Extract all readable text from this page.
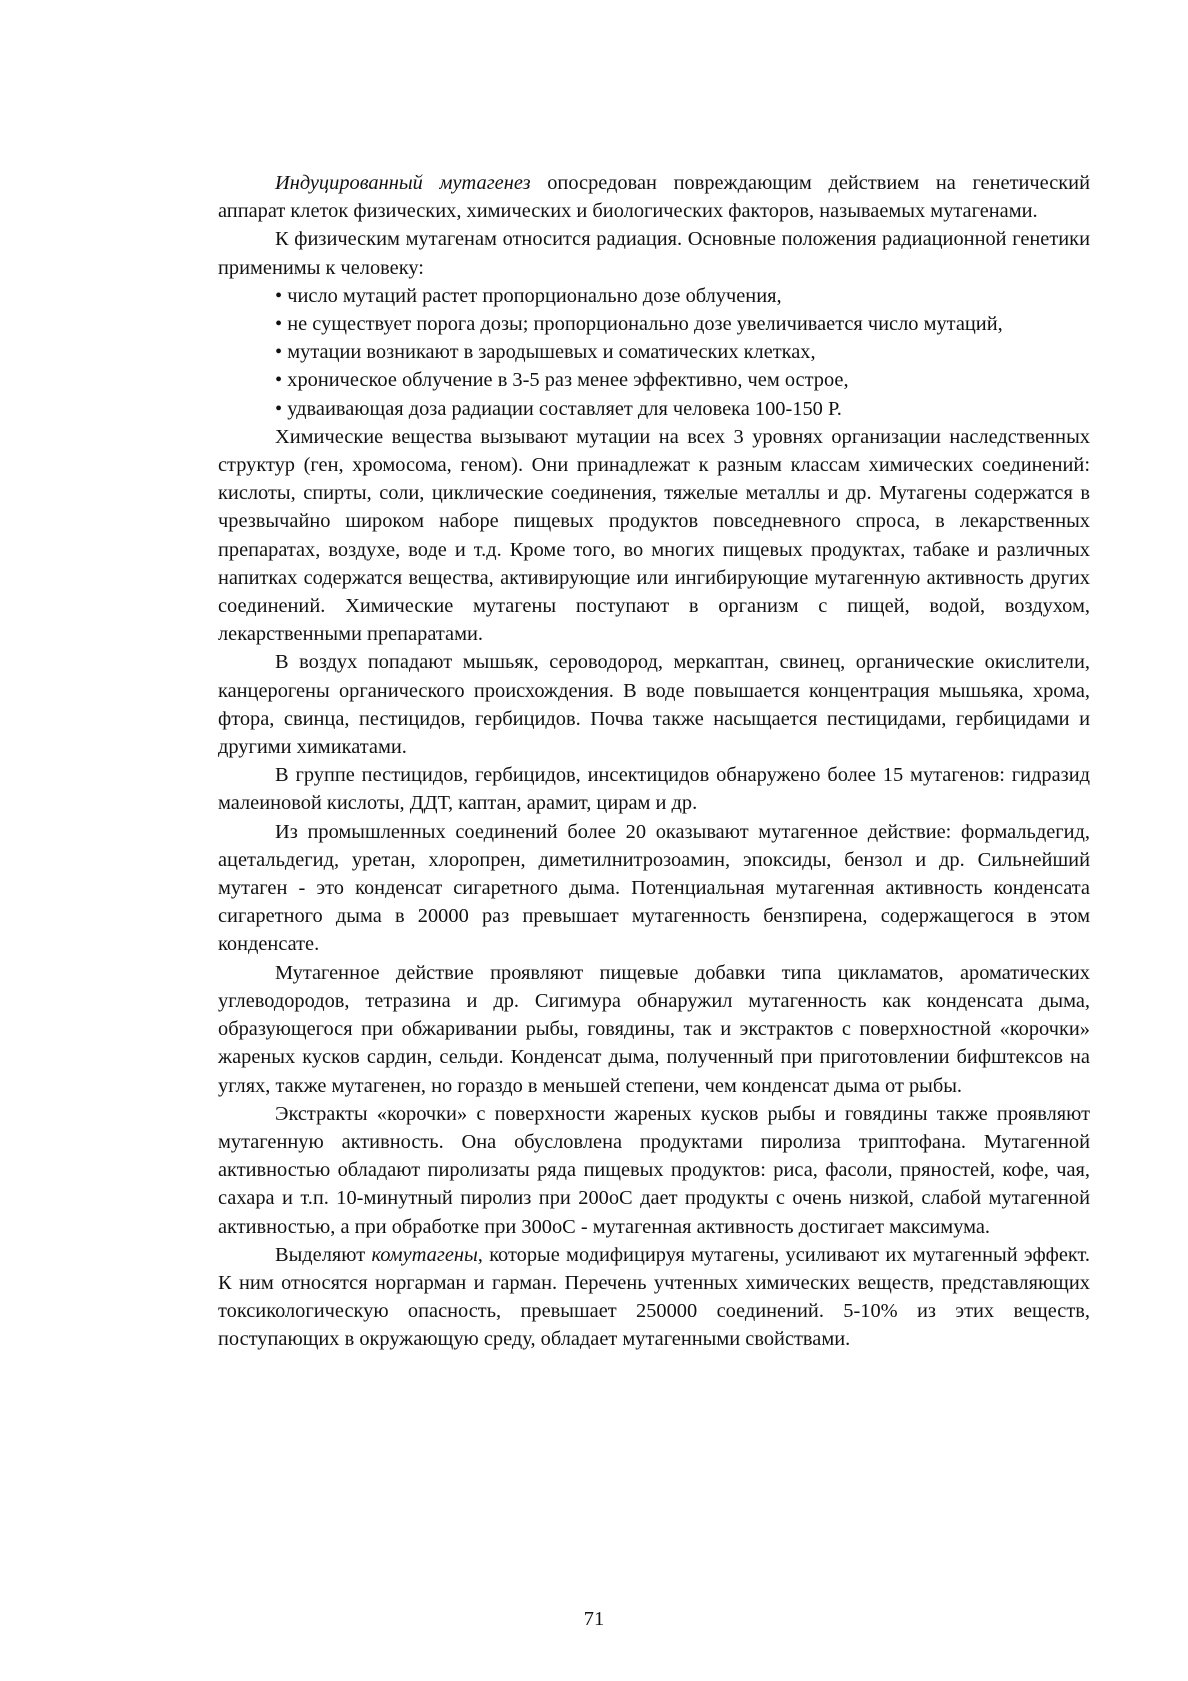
Индуцированный мутагенез опосредован повреждающим действием на генетический аппарат клеток физических, химических и биологических факторов, называемых мутагенами.

К физическим мутагенам относится радиация. Основные положения радиационной генетики применимы к человеку:

• число мутаций растет пропорционально дозе облучения,
• не существует порога дозы; пропорционально дозе увеличивается число мутаций,
• мутации возникают в зародышевых и соматических клетках,
• хроническое облучение в 3-5 раз менее эффективно, чем острое,
• удваивающая доза радиации составляет для человека 100-150 Р.

Химические вещества вызывают мутации на всех 3 уровнях организации наследственных структур (ген, хромосома, геном). Они принадлежат к разным классам химических соединений: кислоты, спирты, соли, циклические соединения, тяжелые металлы и др. Мутагены содержатся в чрезвычайно широком наборе пищевых продуктов повседневного спроса, в лекарственных препаратах, воздухе, воде и т.д. Кроме того, во многих пищевых продуктах, табаке и различных напитках содержатся вещества, активирующие или ингибирующие мутагенную активность других соединений. Химические мутагены поступают в организм с пищей, водой, воздухом, лекарственными препаратами.

В воздух попадают мышьяк, сероводород, меркаптан, свинец, органические окислители, канцерогены органического происхождения. В воде повышается концентрация мышьяка, хрома, фтора, свинца, пестицидов, гербицидов. Почва также насыщается пестицидами, гербицидами и другими химикатами.

В группе пестицидов, гербицидов, инсектицидов обнаружено более 15 мутагенов: гидразид малеиновой кислоты, ДДТ, каптан, арамит, цирам и др.

Из промышленных соединений более 20 оказывают мутагенное действие: формальдегид, ацетальдегид, уретан, хлоропрен, диметилнитрозоамин, эпоксиды, бензол и др. Сильнейший мутаген - это конденсат сигаретного дыма. Потенциальная мутагенная активность конденсата сигаретного дыма в 20000 раз превышает мутагенность бензпирена, содержащегося в этом конденсате.

Мутагенное действие проявляют пищевые добавки типа цикламатов, ароматических углеводородов, тетразина и др. Сигимура обнаружил мутагенность как конденсата дыма, образующегося при обжаривании рыбы, говядины, так и экстрактов с поверхностной «корочки» жареных кусков сардин, сельди. Конденсат дыма, полученный при приготовлении бифштексов на углях, также мутагенен, но гораздо в меньшей степени, чем конденсат дыма от рыбы.

Экстракты «корочки» с поверхности жареных кусков рыбы и говядины также проявляют мутагенную активность. Она обусловлена продуктами пиролиза триптофана. Мутагенной активностью обладают пиролизаты ряда пищевых продуктов: риса, фасоли, пряностей, кофе, чая, сахара и т.п. 10-минутный пиролиз при 200oC дает продукты с очень низкой, слабой мутагенной активностью, а при обработке при 300oC - мутагенная активность достигает максимума.

Выделяют комутагены, которые модифицируя мутагены, усиливают их мутагенный эффект. К ним относятся норгарман и гарман. Перечень учтенных химических веществ, представляющих токсикологическую опасность, превышает 250000 соединений. 5-10% из этих веществ, поступающих в окружающую среду, обладает мутагенными свойствами.

71
